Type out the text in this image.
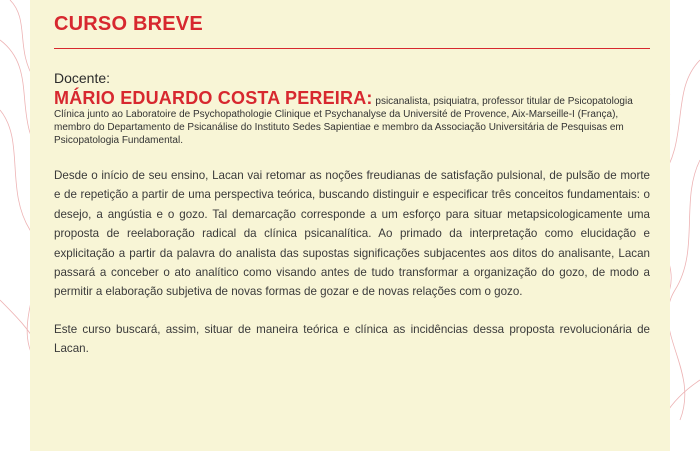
CURSO BREVE
Docente:

MÁRIO EDUARDO COSTA PEREIRA: psicanalista, psiquiatra, professor titular de Psicopatologia Clínica junto ao Laboratoire de Psychopathologie Clinique et Psychanalyse da Université de Provence, Aix-Marseille-I (França), membro do Departamento de Psicanálise do Instituto Sedes Sapientiae e membro da Associação Universitária de Pesquisas em Psicopatologia Fundamental.

Desde o início de seu ensino, Lacan vai retomar as noções freudianas de satisfação pulsional, de pulsão de morte e de repetição a partir de uma perspectiva teórica, buscando distinguir e especificar três conceitos fundamentais: o desejo, a angústia e o gozo. Tal demarcação corresponde a um esforço para situar metapsicologicamente uma proposta de reelaboração radical da clínica psicanalítica. Ao primado da interpretação como elucidação e explicitação a partir da palavra do analista das supostas significações subjacentes aos ditos do analisante, Lacan passará a conceber o ato analítico como visando antes de tudo transformar a organização do gozo, de modo a permitir a elaboração subjetiva de novas formas de gozar e de novas relações com o gozo.

Este curso buscará, assim, situar de maneira teórica e clínica as incidências dessa proposta revolucionária de Lacan.
